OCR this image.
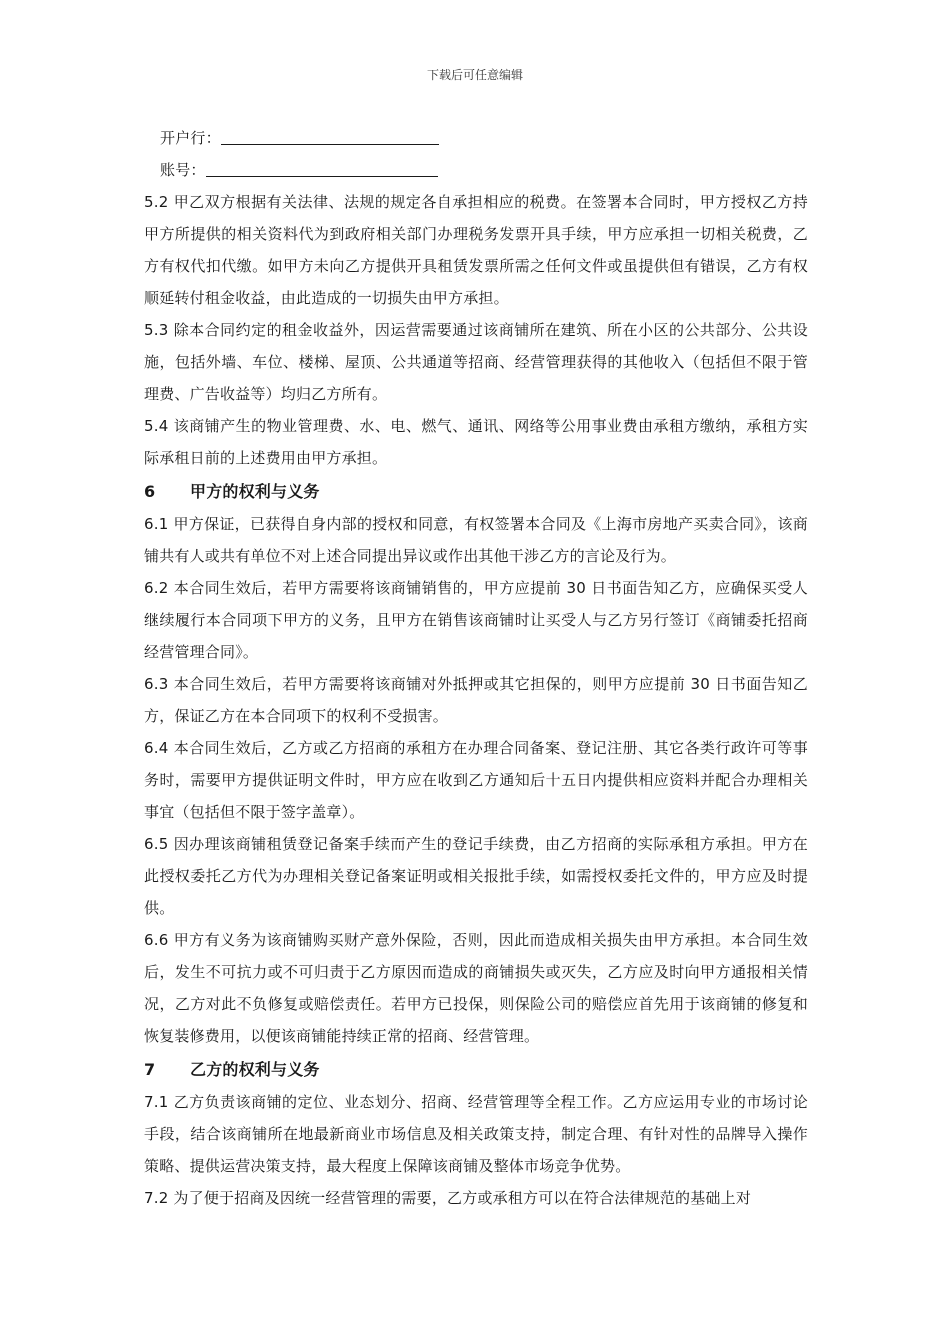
下载后可任意编辑

开户行：

账号：

5.2 甲乙双方根据有关法律、法规的规定各自承担相应的税费。在签署本合同时，甲方授权乙方持甲方所提供的相关资料代为到政府相关部门办理税务发票开具手续，甲方应承担一切相关税费，乙方有权代扣代缴。如甲方未向乙方提供开具租赁发票所需之任何文件或虽提供但有错误，乙方有权顺延转付租金收益，由此造成的一切损失由甲方承担。

5.3 除本合同约定的租金收益外，因运营需要通过该商铺所在建筑、所在小区的公共部分、公共设施，包括外墙、车位、楼梯、屋顶、公共通道等招商、经营管理获得的其他收入（包括但不限于管理费、广告收益等）均归乙方所有。

5.4 该商铺产生的物业管理费、水、电、燃气、通讯、网络等公用事业费由承租方缴纳，承租方实际承租日前的上述费用由甲方承担。

6 甲方的权利与义务

6.1 甲方保证，已获得自身内部的授权和同意，有权签署本合同及《上海市房地产买卖合同》，该商铺共有人或共有单位不对上述合同提出异议或作出其他干涉乙方的言论及行为。

6.2 本合同生效后，若甲方需要将该商铺销售的，甲方应提前 30 日书面告知乙方，应确保买受人继续履行本合同项下甲方的义务，且甲方在销售该商铺时让买受人与乙方另行签订《商铺委托招商经营管理合同》。

6.3 本合同生效后，若甲方需要将该商铺对外抵押或其它担保的，则甲方应提前 30 日书面告知乙方，保证乙方在本合同项下的权利不受损害。

6.4 本合同生效后，乙方或乙方招商的承租方在办理合同备案、登记注册、其它各类行政许可等事务时，需要甲方提供证明文件时，甲方应在收到乙方通知后十五日内提供相应资料并配合办理相关事宜（包括但不限于签字盖章）。

6.5 因办理该商铺租赁登记备案手续而产生的登记手续费，由乙方招商的实际承租方承担。甲方在此授权委托乙方代为办理相关登记备案证明或相关报批手续，如需授权委托文件的，甲方应及时提供。

6.6 甲方有义务为该商铺购买财产意外保险，否则，因此而造成相关损失由甲方承担。本合同生效后，发生不可抗力或不可归责于乙方原因而造成的商铺损失或灭失，乙方应及时向甲方通报相关情况，乙方对此不负修复或赔偿责任。若甲方已投保，则保险公司的赔偿应首先用于该商铺的修复和恢复装修费用，以便该商铺能持续正常的招商、经营管理。

7 乙方的权利与义务

7.1 乙方负责该商铺的定位、业态划分、招商、经营管理等全程工作。乙方应运用专业的市场讨论手段，结合该商铺所在地最新商业市场信息及相关政策支持，制定合理、有针对性的品牌导入操作策略、提供运营决策支持，最大程度上保障该商铺及整体市场竞争优势。

7.2 为了便于招商及因统一经营管理的需要，乙方或承租方可以在符合法律规范的基础上对
